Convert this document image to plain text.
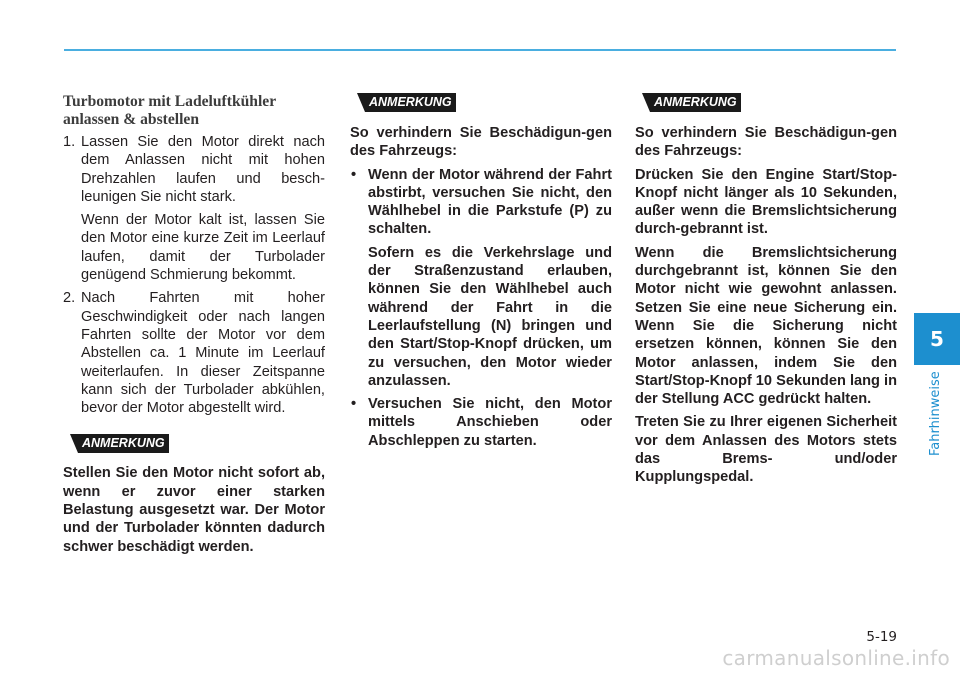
Turbomotor mit Ladeluftkühler
anlassen & abstellen
1. Lassen Sie den Motor direkt nach dem Anlassen nicht mit hohen Drehzahlen laufen und besch-leunigen Sie nicht stark.

Wenn der Motor kalt ist, lassen Sie den Motor eine kurze Zeit im Leerlauf laufen, damit der Turbolader genügend Schmierung bekommt.

2. Nach Fahrten mit hoher Geschwindigkeit oder nach langen Fahrten sollte der Motor vor dem Abstellen ca. 1 Minute im Leerlauf weiterlaufen. In dieser Zeitspanne kann sich der Turbolader abkühlen, bevor der Motor abgestellt wird.

ANMERKUNG

Stellen Sie den Motor nicht sofort ab, wenn er zuvor einer starken Belastung ausgesetzt war. Der Motor und der Turbolader könnten dadurch schwer beschädigt werden.

ANMERKUNG

So verhindern Sie Beschädigun-gen des Fahrzeugs:

• Wenn der Motor während der Fahrt abstirbt, versuchen Sie nicht, den Wählhebel in die Parkstufe (P) zu schalten.

Sofern es die Verkehrslage und der Straßenzustand erlauben, können Sie den Wählhebel auch während der Fahrt in die Leerlaufstellung (N) bringen und den Start/Stop-Knopf drücken, um zu versuchen, den Motor wieder anzulassen.

• Versuchen Sie nicht, den Motor mittels Anschieben oder Abschleppen zu starten.

ANMERKUNG

So verhindern Sie Beschädigun-gen des Fahrzeugs:

Drücken Sie den Engine Start/Stop-Knopf nicht länger als 10 Sekunden, außer wenn die Bremslichtsicherung durch-gebrannt ist.

Wenn die Bremslichtsicherung durchgebrannt ist, können Sie den Motor nicht wie gewohnt anlassen. Setzen Sie eine neue Sicherung ein. Wenn Sie die Sicherung nicht ersetzen können, können Sie den Motor anlassen, indem Sie den Start/Stop-Knopf 10 Sekunden lang in der Stellung ACC gedrückt halten.

Treten Sie zu Ihrer eigenen Sicherheit vor dem Anlassen des Motors stets das Brems- und/oder Kupplungspedal.

5
Fahrhinweise
5-19
carmanualsonline.info
